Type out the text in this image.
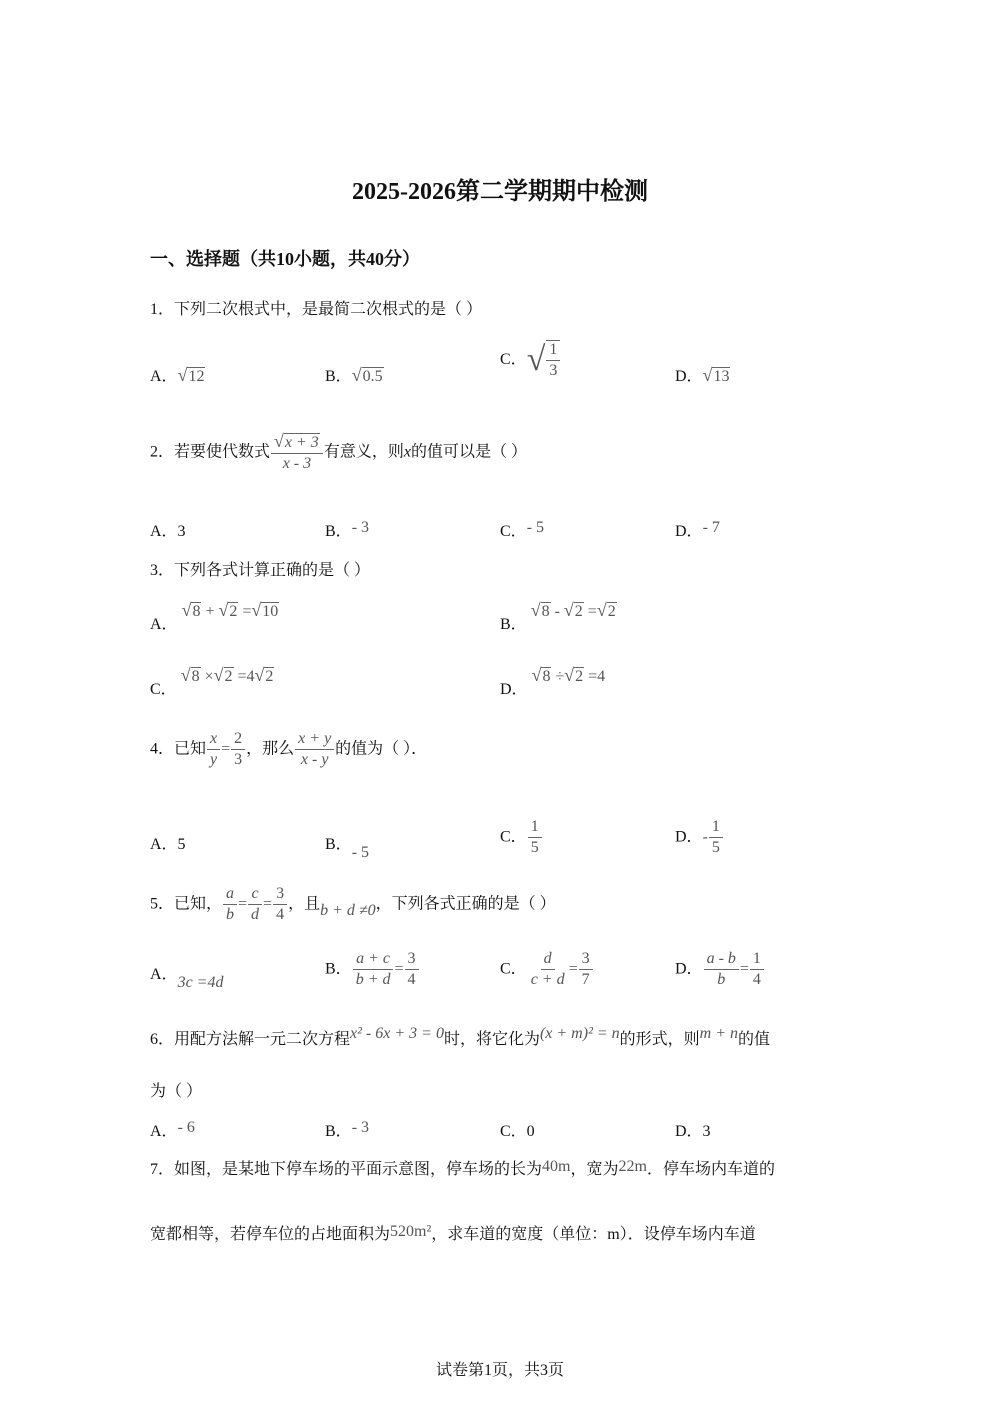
2025-2026第二学期期中检测
一、选择题（共10小题，共40分）
1．下列二次根式中，是最简二次根式的是（ ）
A．√12	B．√0.5
C． √ $\frac{1}{3}$	D．√13
2．若要使代数式 $\frac{√x + 3}{x - 3}$ 有意义，则x的值可以是（ ）
A．3	B．- 3	C．- 5	D．- 7
3．下列各式计算正确的是（ ）
A． √8 + √2 =√10
B． √8 - √2 =√2
C． √8 ×√2 =4√2
D． √8 ÷√2 =4
4．已知 $\frac{x}{y} = \frac{2}{3}$ ，那么 $\frac{x + y}{x - y}$ 的值为（ ）．
A．5	B．- 5
C． $\frac{1}{5}$	D．- $\frac{1}{5}$
5．已知， $\frac{a}{b} = \frac{c}{d} = \frac{3}{4}$ ，且b + d ≠0，下列各式正确的是（ ）
A．3c =4d
B． $\frac{a + c}{b + d} = \frac{3}{4}$	C． $\frac{d}{c + d} = \frac{3}{7}$	D． $\frac{a - b}{b} = \frac{1}{4}$
6．用配方法解一元二次方程x² - 6x + 3 = 0时，将它化为(x + m)² = n的形式，则m + n的值
为（ ）
A．- 6	B．- 3	C．0	D．3
7．如图，是某地下停车场的平面示意图，停车场的长为40m，宽为22m．停车场内车道的
宽都相等，若停车位的占地面积为520m²，求车道的宽度（单位：m）．设停车场内车道
试卷第1页，共3页
